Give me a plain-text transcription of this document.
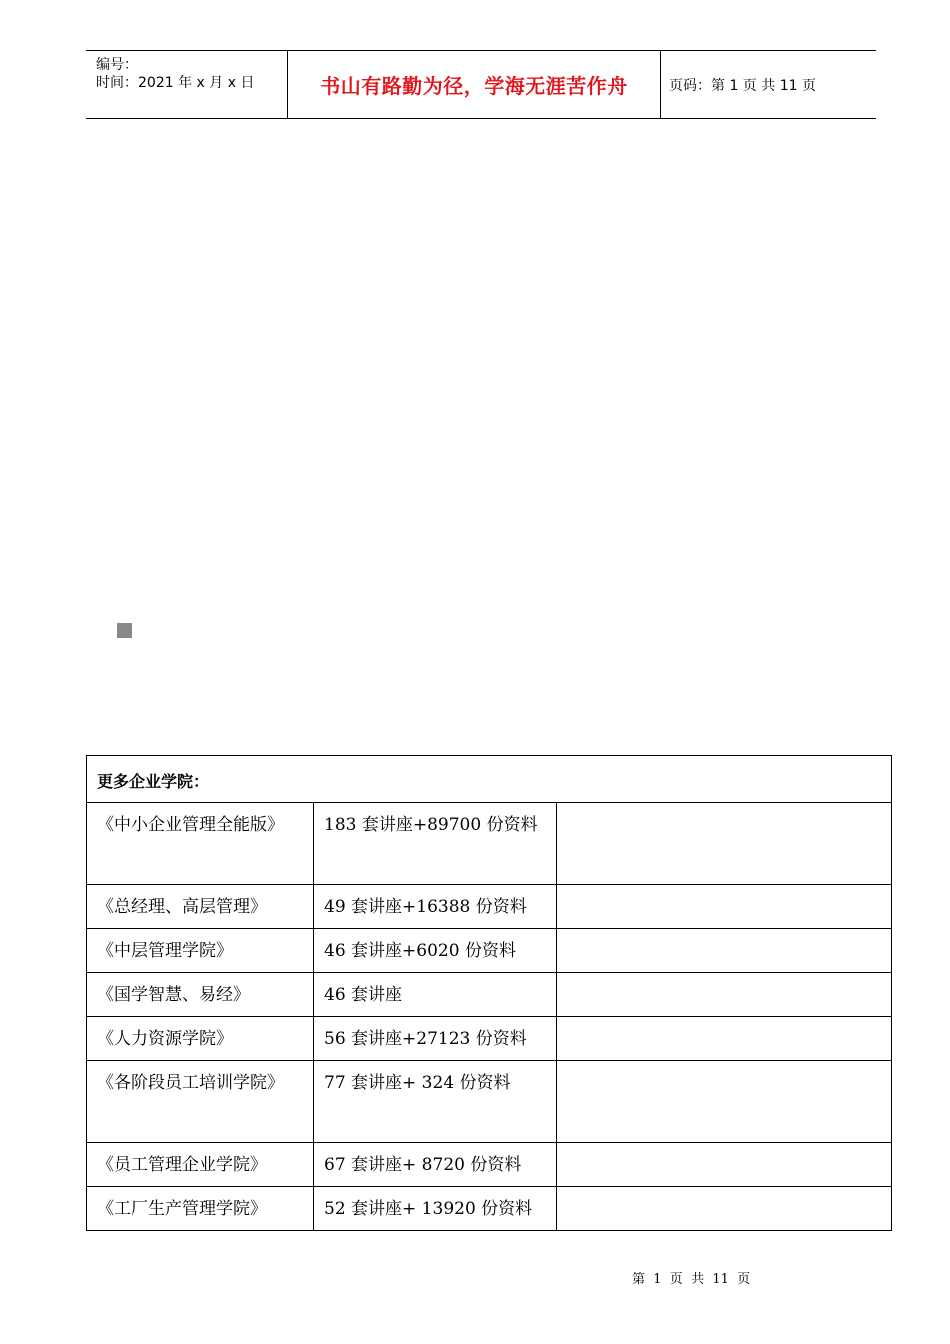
编号：
时间：2021 年 x 月 x 日	书山有路勤为径，学海无涯苦作舟	页码：第 1 页 共 11 页
更多企业学院：		

《中小企业管理全能版》	183 套讲座+89700 份资料	

《总经理、高层管理》	49 套讲座+16388 份资料	

《中层管理学院》	46 套讲座+6020 份资料	

《国学智慧、易经》	46 套讲座	

《人力资源学院》	56 套讲座+27123 份资料	

《各阶段员工培训学院》	77 套讲座+ 324 份资料	

《员工管理企业学院》	67 套讲座+ 8720 份资料	

《工厂生产管理学院》	52 套讲座+ 13920 份资料	

第  1  页  共  11  页
